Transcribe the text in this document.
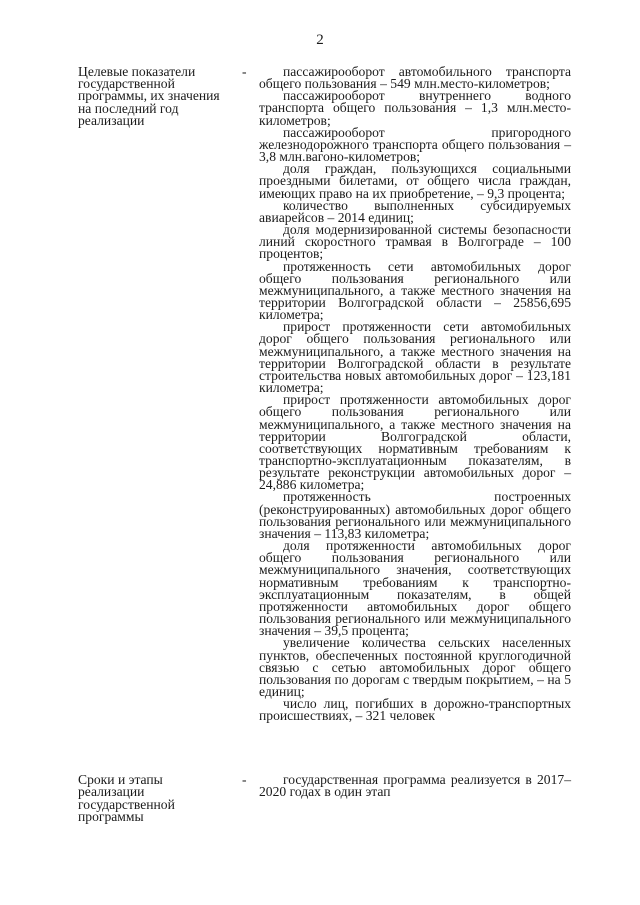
2
Целевые показатели государственной программы, их значения на последний год реализации
-	пассажирооборот автомобильного транспорта общего пользования – 549 млн.место-километров;

пассажирооборот внутреннего водного транспорта общего пользования – 1,3 млн.место-километров;

пассажирооборот пригородного железнодорожного транспорта общего пользования – 3,8 млн.вагоно-километров;

доля граждан, пользующихся социальными проездными билетами, от общего числа граждан, имеющих право на их приобретение, – 9,3 процента;

количество выполненных субсидируемых авиарейсов – 2014 единиц;

доля модернизированной системы безопасности линий скоростного трамвая в Волгограде – 100 процентов;

протяженность сети автомобильных дорог общего пользования регионального или межмуниципального, а также местного значения на территории Волгоградской области – 25856,695 километра;

прирост протяженности сети автомобильных дорог общего пользования регионального или межмуниципального, а также местного значения на территории Волгоградской области в результате строительства новых автомобильных дорог – 123,181 километра;

прирост протяженности автомобильных дорог общего пользования регионального или межмуниципального, а также местного значения на территории Волгоградской области, соответствующих нормативным требованиям к транспортно-эксплуатационным показателям, в результате реконструкции автомобильных дорог – 24,886 километра;

протяженность построенных (реконструированных) автомобильных дорог общего пользования регионального или межмуниципального значения – 113,83 километра;

доля протяженности автомобильных дорог общего пользования регионального или межмуниципального значения, соответствующих нормативным требованиям к транспортно-эксплуатационным показателям, в общей протяженности автомобильных дорог общего пользования регионального или межмуниципального значения – 39,5 процента;

увеличение количества сельских населенных пунктов, обеспеченных постоянной круглогодичной связью с сетью автомобильных дорог общего пользования по дорогам с твердым покрытием, – на 5 единиц;

число лиц, погибших в дорожно-транспортных происшествиях, – 321 человек

Сроки и этапы реализации государственной программы
-	государственная программа реализуется в 2017–2020 годах в один этап
